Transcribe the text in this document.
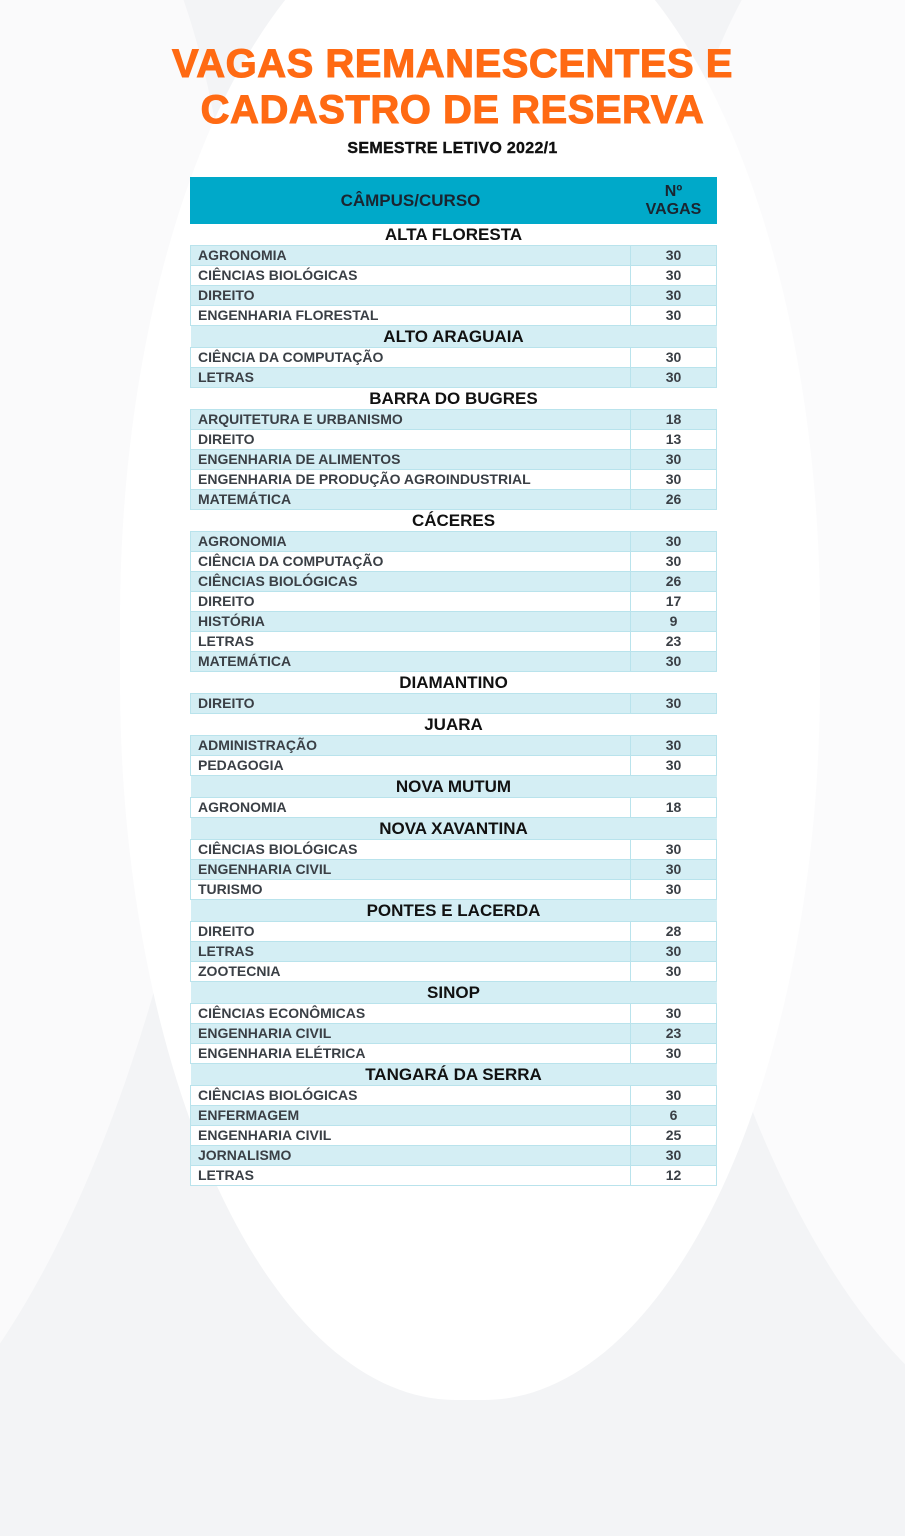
VAGAS REMANESCENTES E
CADASTRO DE RESERVA
SEMESTRE LETIVO 2022/1
CÂMPUS/CURSO	Nº
VAGAS
ALTA FLORESTA	
AGRONOMIA	30
CIÊNCIAS BIOLÓGICAS	30
DIREITO	30
ENGENHARIA FLORESTAL	30
ALTO ARAGUAIA	
CIÊNCIA DA COMPUTAÇÃO	30
LETRAS	30
BARRA DO BUGRES	
ARQUITETURA E URBANISMO	18
DIREITO	13
ENGENHARIA DE ALIMENTOS	30
ENGENHARIA DE PRODUÇÃO AGROINDUSTRIAL	30
MATEMÁTICA	26
CÁCERES	
AGRONOMIA	30
CIÊNCIA DA COMPUTAÇÃO	30
CIÊNCIAS BIOLÓGICAS	26
DIREITO	17
HISTÓRIA	9
LETRAS	23
MATEMÁTICA	30
DIAMANTINO	
DIREITO	30
JUARA	
ADMINISTRAÇÃO	30
PEDAGOGIA	30
NOVA MUTUM	
AGRONOMIA	18
NOVA XAVANTINA	
CIÊNCIAS BIOLÓGICAS	30
ENGENHARIA CIVIL	30
TURISMO	30
PONTES E LACERDA	
DIREITO	28
LETRAS	30
ZOOTECNIA	30
SINOP	
CIÊNCIAS ECONÔMICAS	30
ENGENHARIA CIVIL	23
ENGENHARIA ELÉTRICA	30
TANGARÁ DA SERRA	
CIÊNCIAS BIOLÓGICAS	30
ENFERMAGEM	6
ENGENHARIA CIVIL	25
JORNALISMO	30
LETRAS	12
